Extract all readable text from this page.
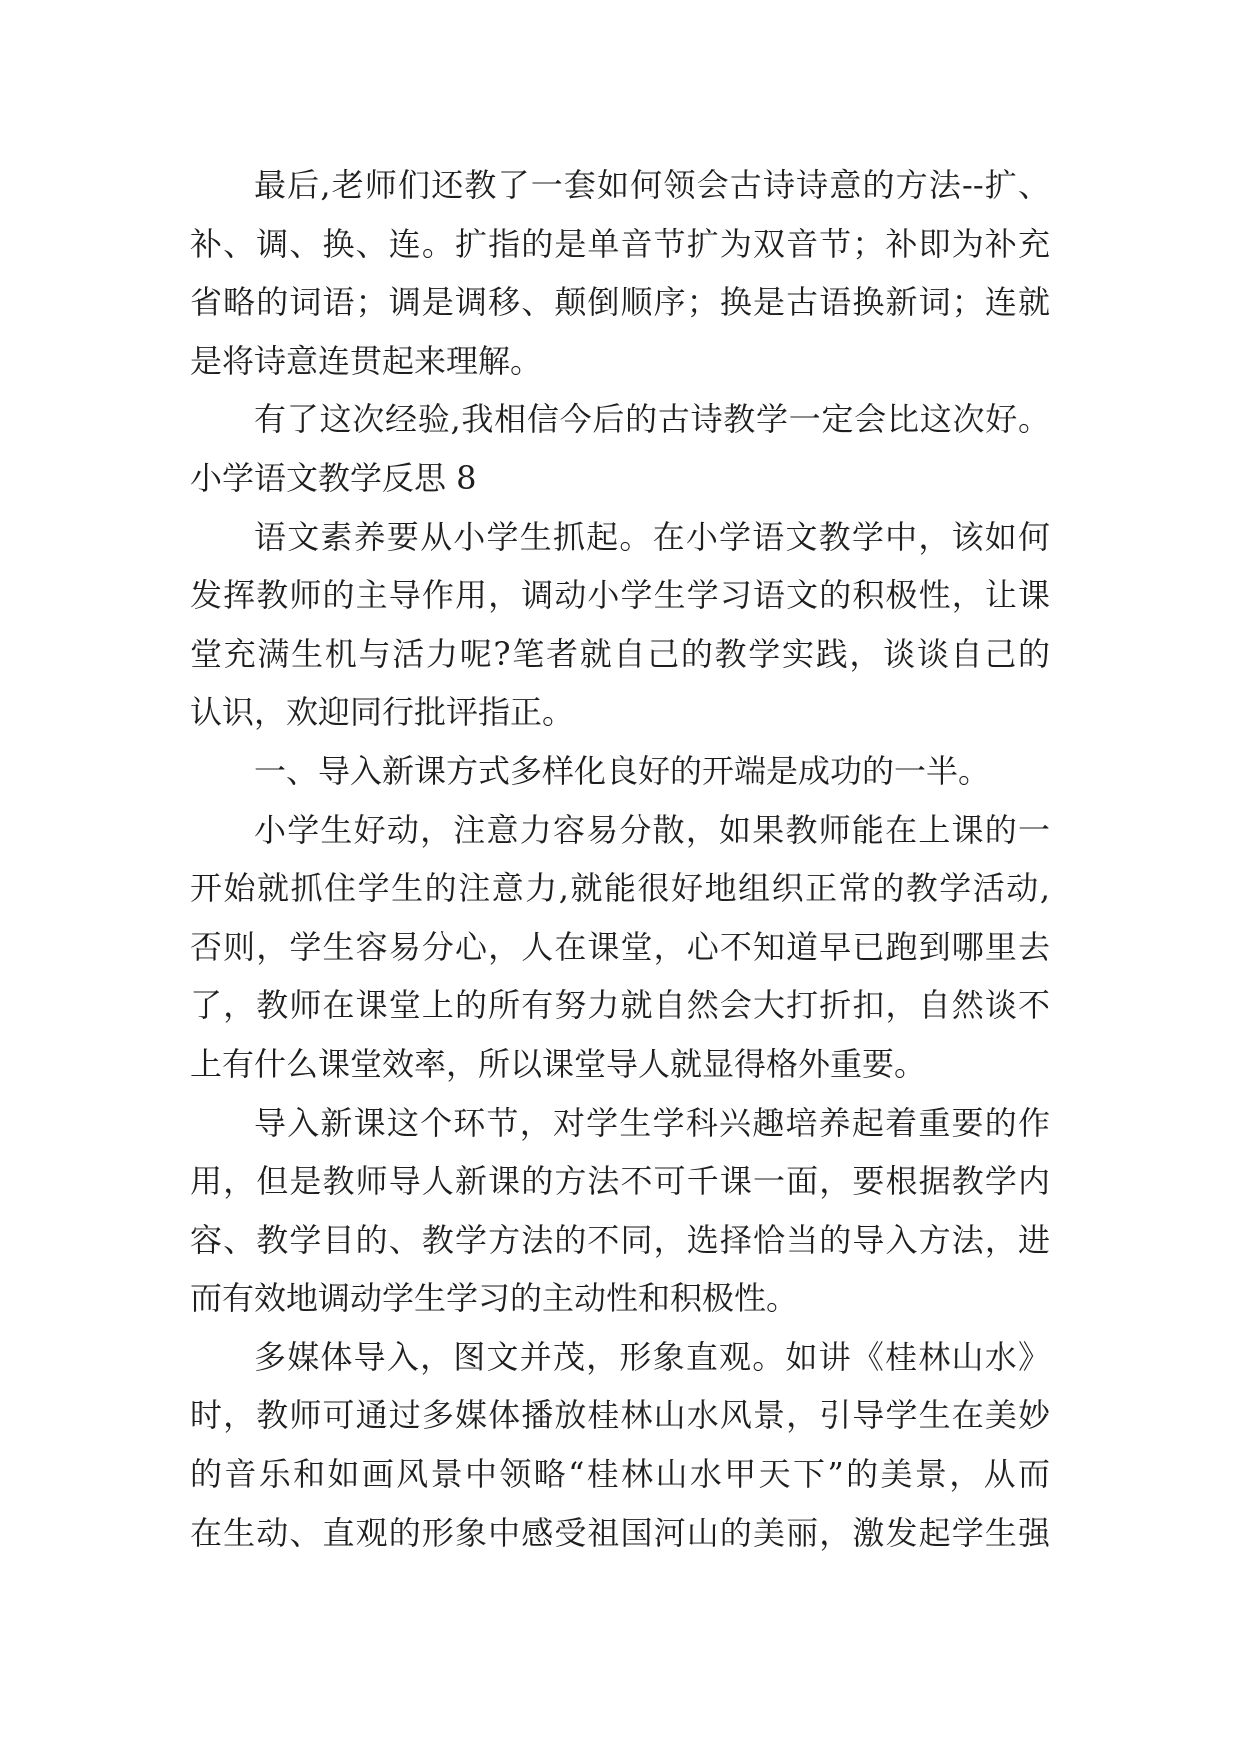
最后,老师们还教了一套如何领会古诗诗意的方法--扩、
补、调、换、连。扩指的是单音节扩为双音节；补即为补充
省略的词语；调是调移、颠倒顺序；换是古语换新词；连就
是将诗意连贯起来理解。
有了这次经验,我相信今后的古诗教学一定会比这次好。
小学语文教学反思 8
语文素养要从小学生抓起。在小学语文教学中，该如何
发挥教师的主导作用，调动小学生学习语文的积极性，让课
堂充满生机与活力呢?笔者就自己的教学实践，谈谈自己的
认识，欢迎同行批评指正。
一、导入新课方式多样化良好的开端是成功的一半。
小学生好动，注意力容易分散，如果教师能在上课的一
开始就抓住学生的注意力,就能很好地组织正常的教学活动,
否则，学生容易分心，人在课堂，心不知道早已跑到哪里去
了，教师在课堂上的所有努力就自然会大打折扣，自然谈不
上有什么课堂效率，所以课堂导人就显得格外重要。
导入新课这个环节，对学生学科兴趣培养起着重要的作
用，但是教师导人新课的方法不可千课一面，要根据教学内
容、教学目的、教学方法的不同，选择恰当的导入方法，进
而有效地调动学生学习的主动性和积极性。
多媒体导入，图文并茂，形象直观。如讲《桂林山水》
时，教师可通过多媒体播放桂林山水风景，引导学生在美妙
的音乐和如画风景中领略“桂林山水甲天下”的美景，从而
在生动、直观的形象中感受祖国河山的美丽，激发起学生强
